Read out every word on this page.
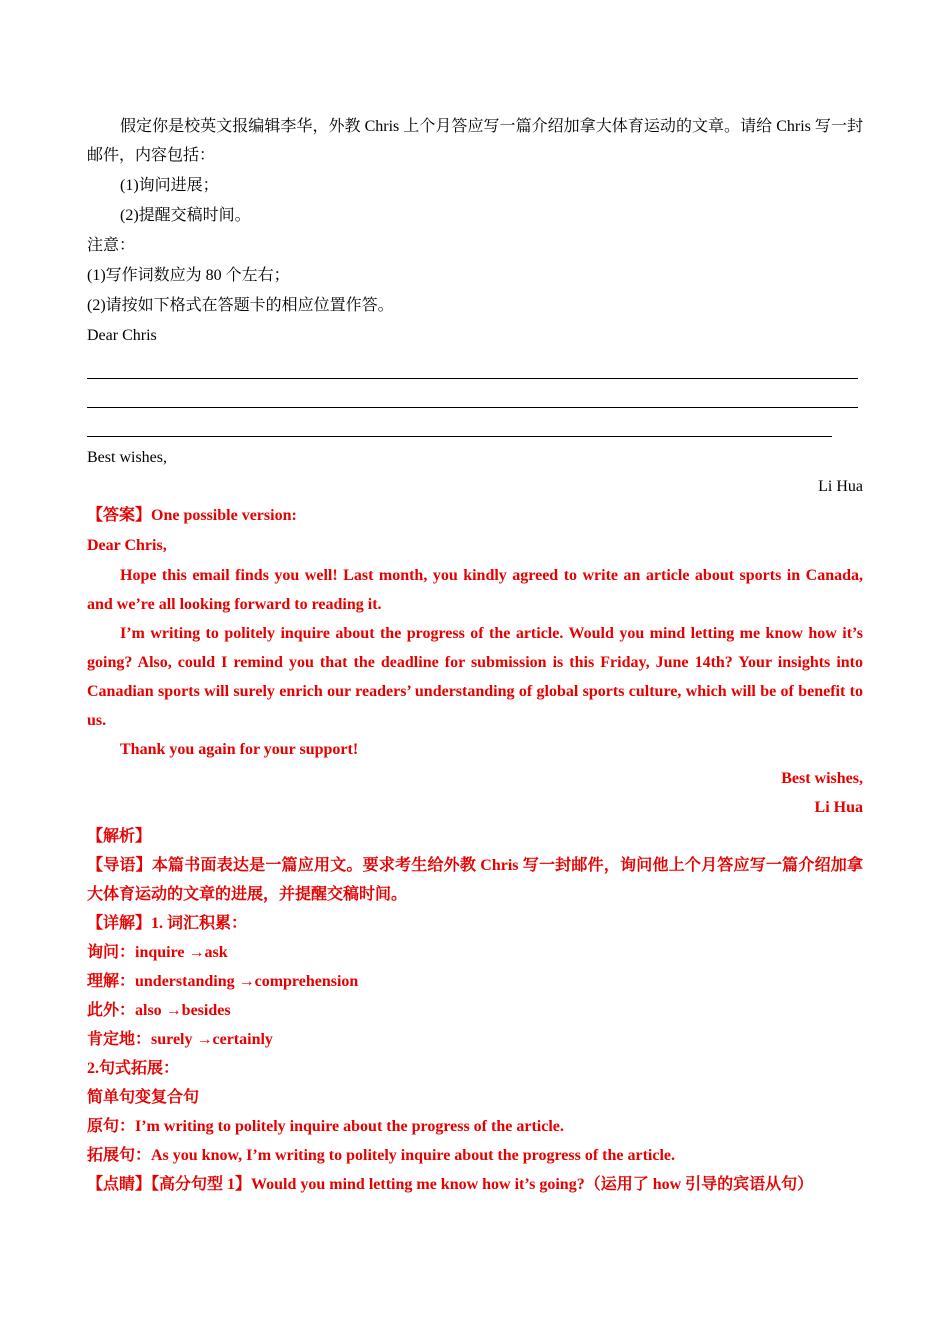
假定你是校英文报编辑李华，外教 Chris 上个月答应写一篇介绍加拿大体育运动的文章。请给 Chris 写一封邮件，内容包括：

(1)询问进展；

(2)提醒交稿时间。

注意：

(1)写作词数应为 80 个左右；

(2)请按如下格式在答题卡的相应位置作答。

Dear Chris

Best wishes,

Li Hua

【答案】One possible version:

Dear Chris,

Hope this email finds you well! Last month, you kindly agreed to write an article about sports in Canada, and we’re all looking forward to reading it.

I’m writing to politely inquire about the progress of the article. Would you mind letting me know how it’s going? Also, could I remind you that the deadline for submission is this Friday, June 14th? Your insights into Canadian sports will surely enrich our readers’ understanding of global sports culture, which will be of benefit to us.

Thank you again for your support!

Best wishes,

Li Hua

【解析】

【导语】本篇书面表达是一篇应用文。要求考生给外教 Chris 写一封邮件，询问他上个月答应写一篇介绍加拿大体育运动的文章的进展，并提醒交稿时间。

【详解】1. 词汇积累：

询问：inquire →ask

理解：understanding →comprehension

此外：also →besides

肯定地：surely →certainly

2.句式拓展：

简单句变复合句

原句：I’m writing to politely inquire about the progress of the article.

拓展句：As you know, I’m writing to politely inquire about the progress of the article.

【点睛】【高分句型 1】Would you mind letting me know how it’s going?（运用了 how 引导的宾语从句）
